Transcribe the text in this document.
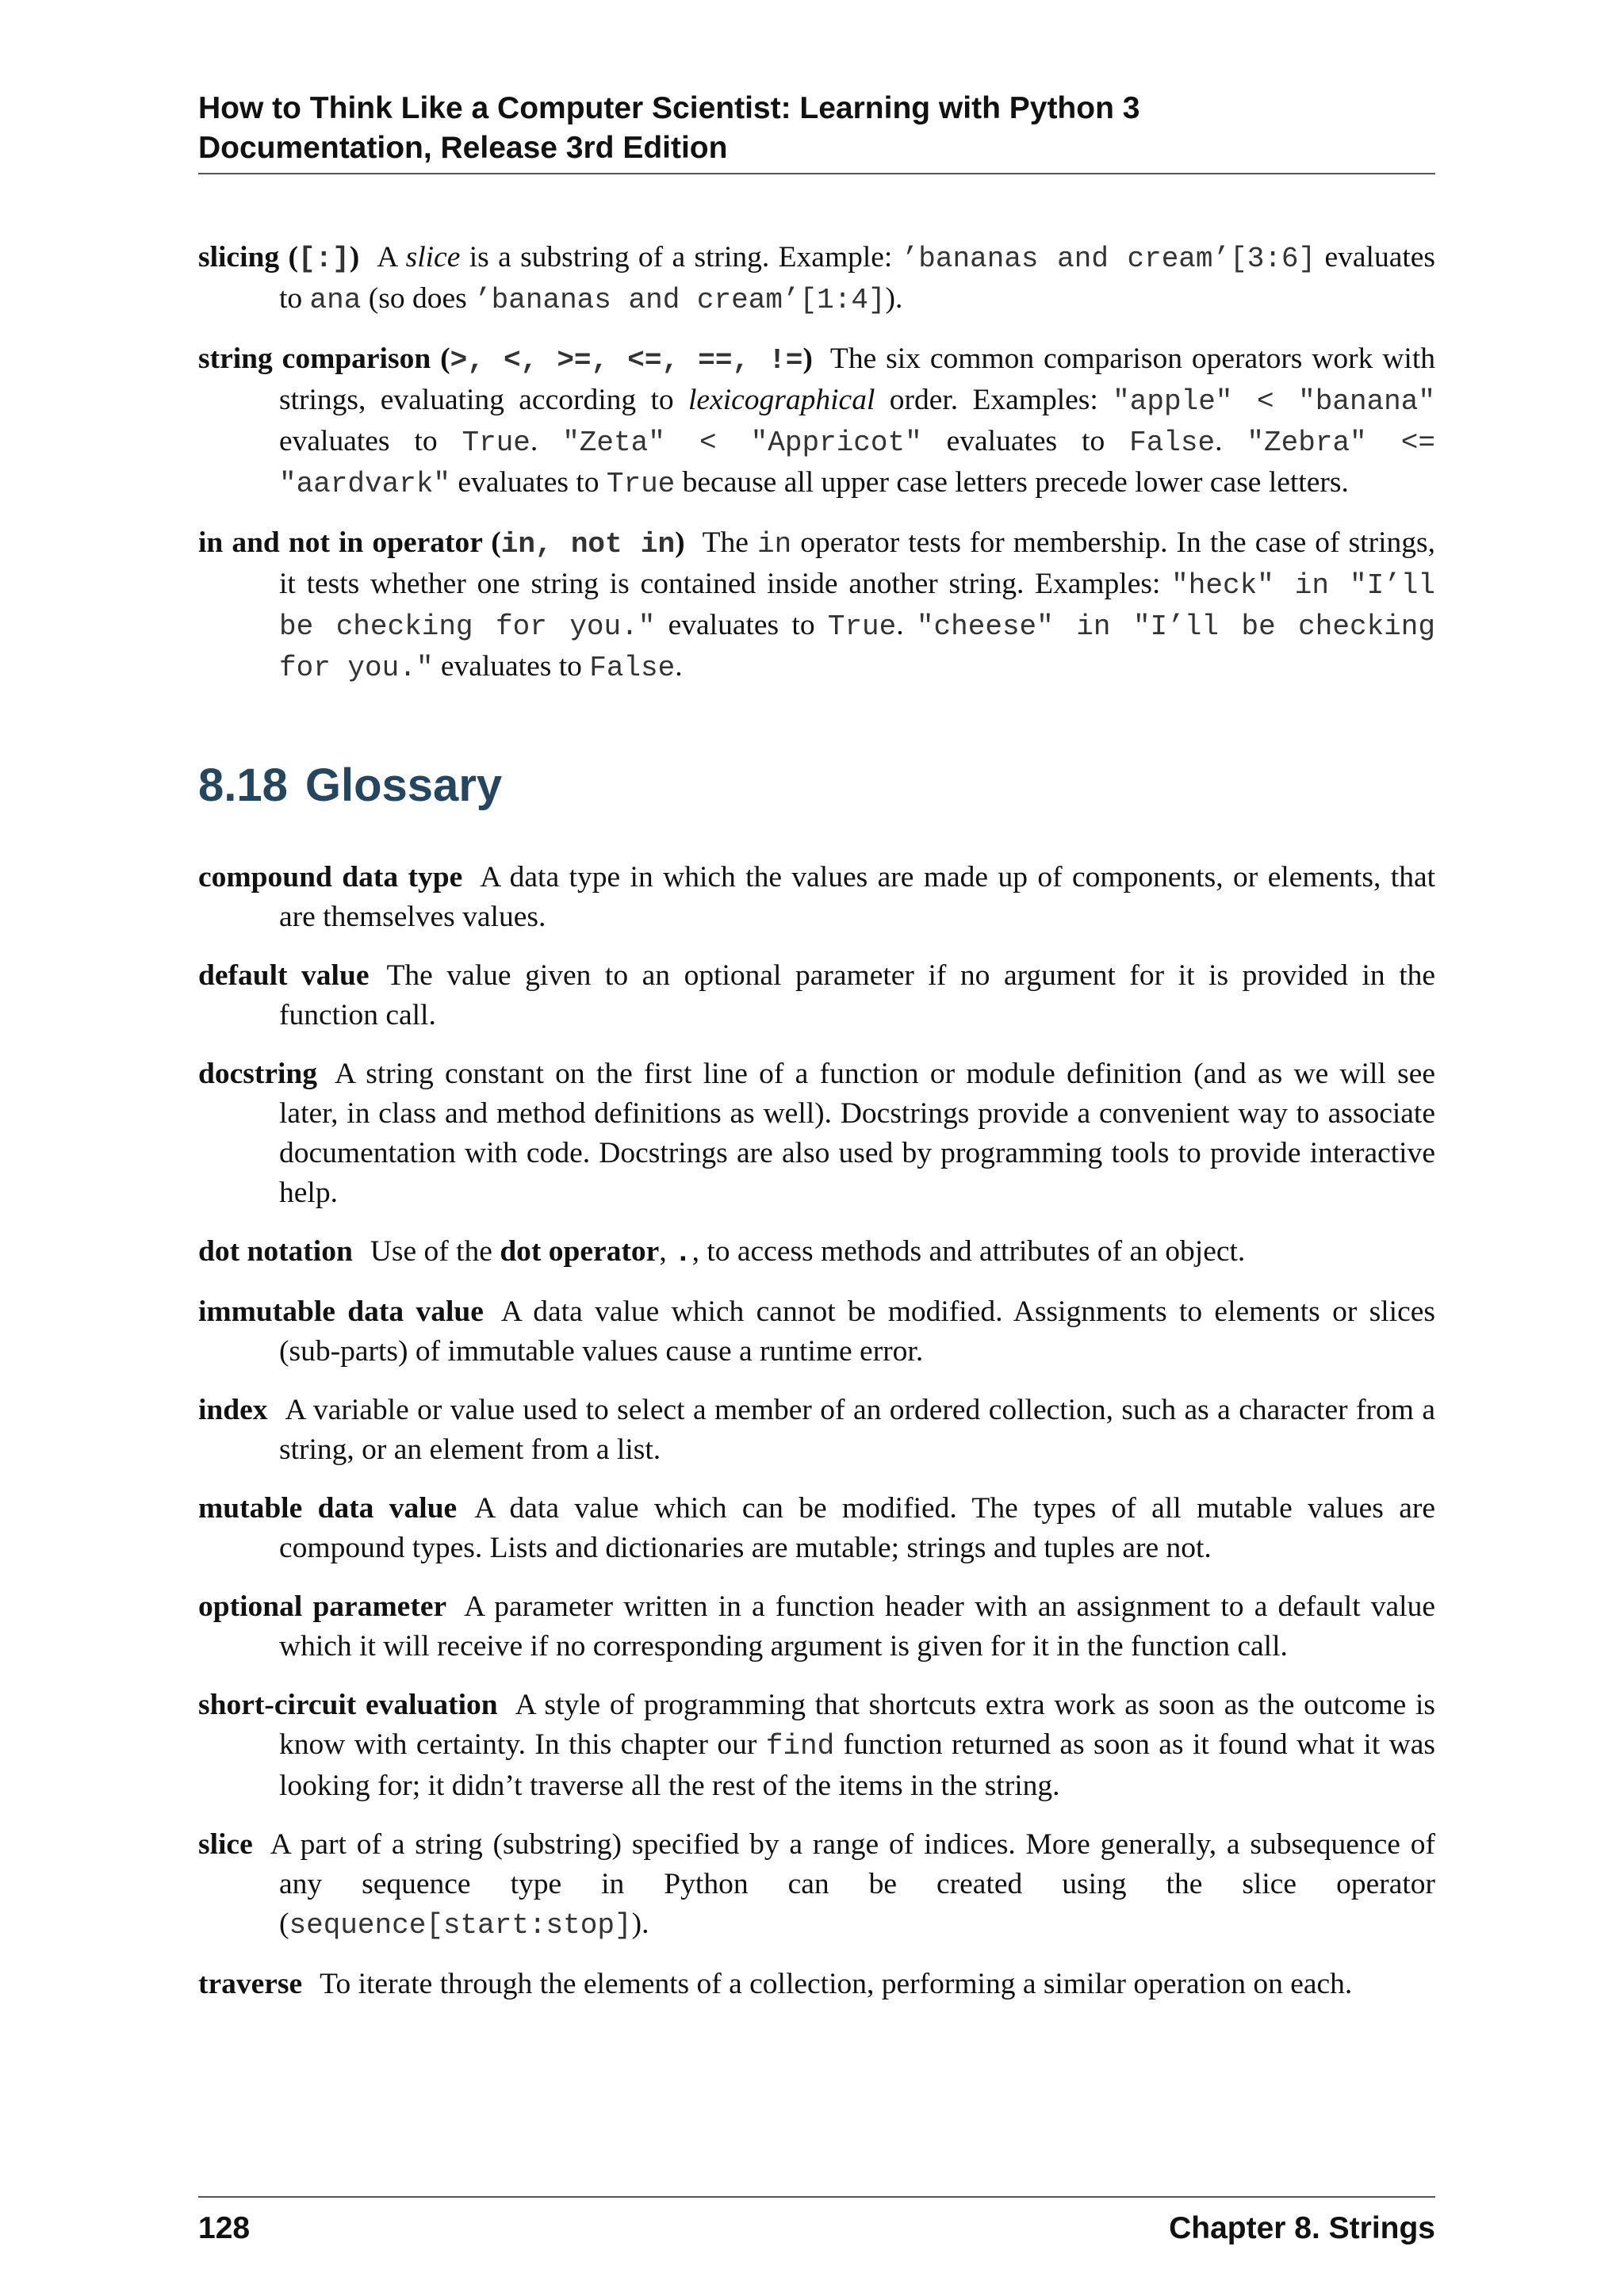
How to Think Like a Computer Scientist: Learning with Python 3
Documentation, Release 3rd Edition

slicing ([:]) A slice is a substring of a string. Example: ’bananas and cream’[3:6] evaluates to ana (so does ’bananas and cream’[1:4]).

string comparison (>, <, >=, <=, ==, !=) The six common comparison operators work with strings, evaluating according to lexicographical order. Examples: "apple" < "banana" evaluates to True. "Zeta" < "Appricot" evaluates to False. "Zebra" <= "aardvark" evaluates to True because all upper case letters precede lower case letters.

in and not in operator (in, not in) The in operator tests for membership. In the case of strings, it tests whether one string is contained inside another string. Examples: "heck" in "I’ll be checking for you." evaluates to True. "cheese" in "I’ll be checking for you." evaluates to False.

8.18 Glossary

compound data type A data type in which the values are made up of components, or elements, that are themselves values.

default value The value given to an optional parameter if no argument for it is provided in the function call.

docstring A string constant on the first line of a function or module definition (and as we will see later, in class and method definitions as well). Docstrings provide a convenient way to associate documentation with code. Docstrings are also used by programming tools to provide interactive help.

dot notation Use of the dot operator, ., to access methods and attributes of an object.

immutable data value A data value which cannot be modified. Assignments to elements or slices (sub-parts) of immutable values cause a runtime error.

index A variable or value used to select a member of an ordered collection, such as a character from a string, or an element from a list.

mutable data value A data value which can be modified. The types of all mutable values are compound types. Lists and dictionaries are mutable; strings and tuples are not.

optional parameter A parameter written in a function header with an assignment to a default value which it will receive if no corresponding argument is given for it in the function call.

short-circuit evaluation A style of programming that shortcuts extra work as soon as the outcome is know with certainty. In this chapter our find function returned as soon as it found what it was looking for; it didn’t traverse all the rest of the items in the string.

slice A part of a string (substring) specified by a range of indices. More generally, a subsequence of any sequence type in Python can be created using the slice operator (sequence[start:stop]).

traverse To iterate through the elements of a collection, performing a similar operation on each.

128	Chapter 8. Strings
